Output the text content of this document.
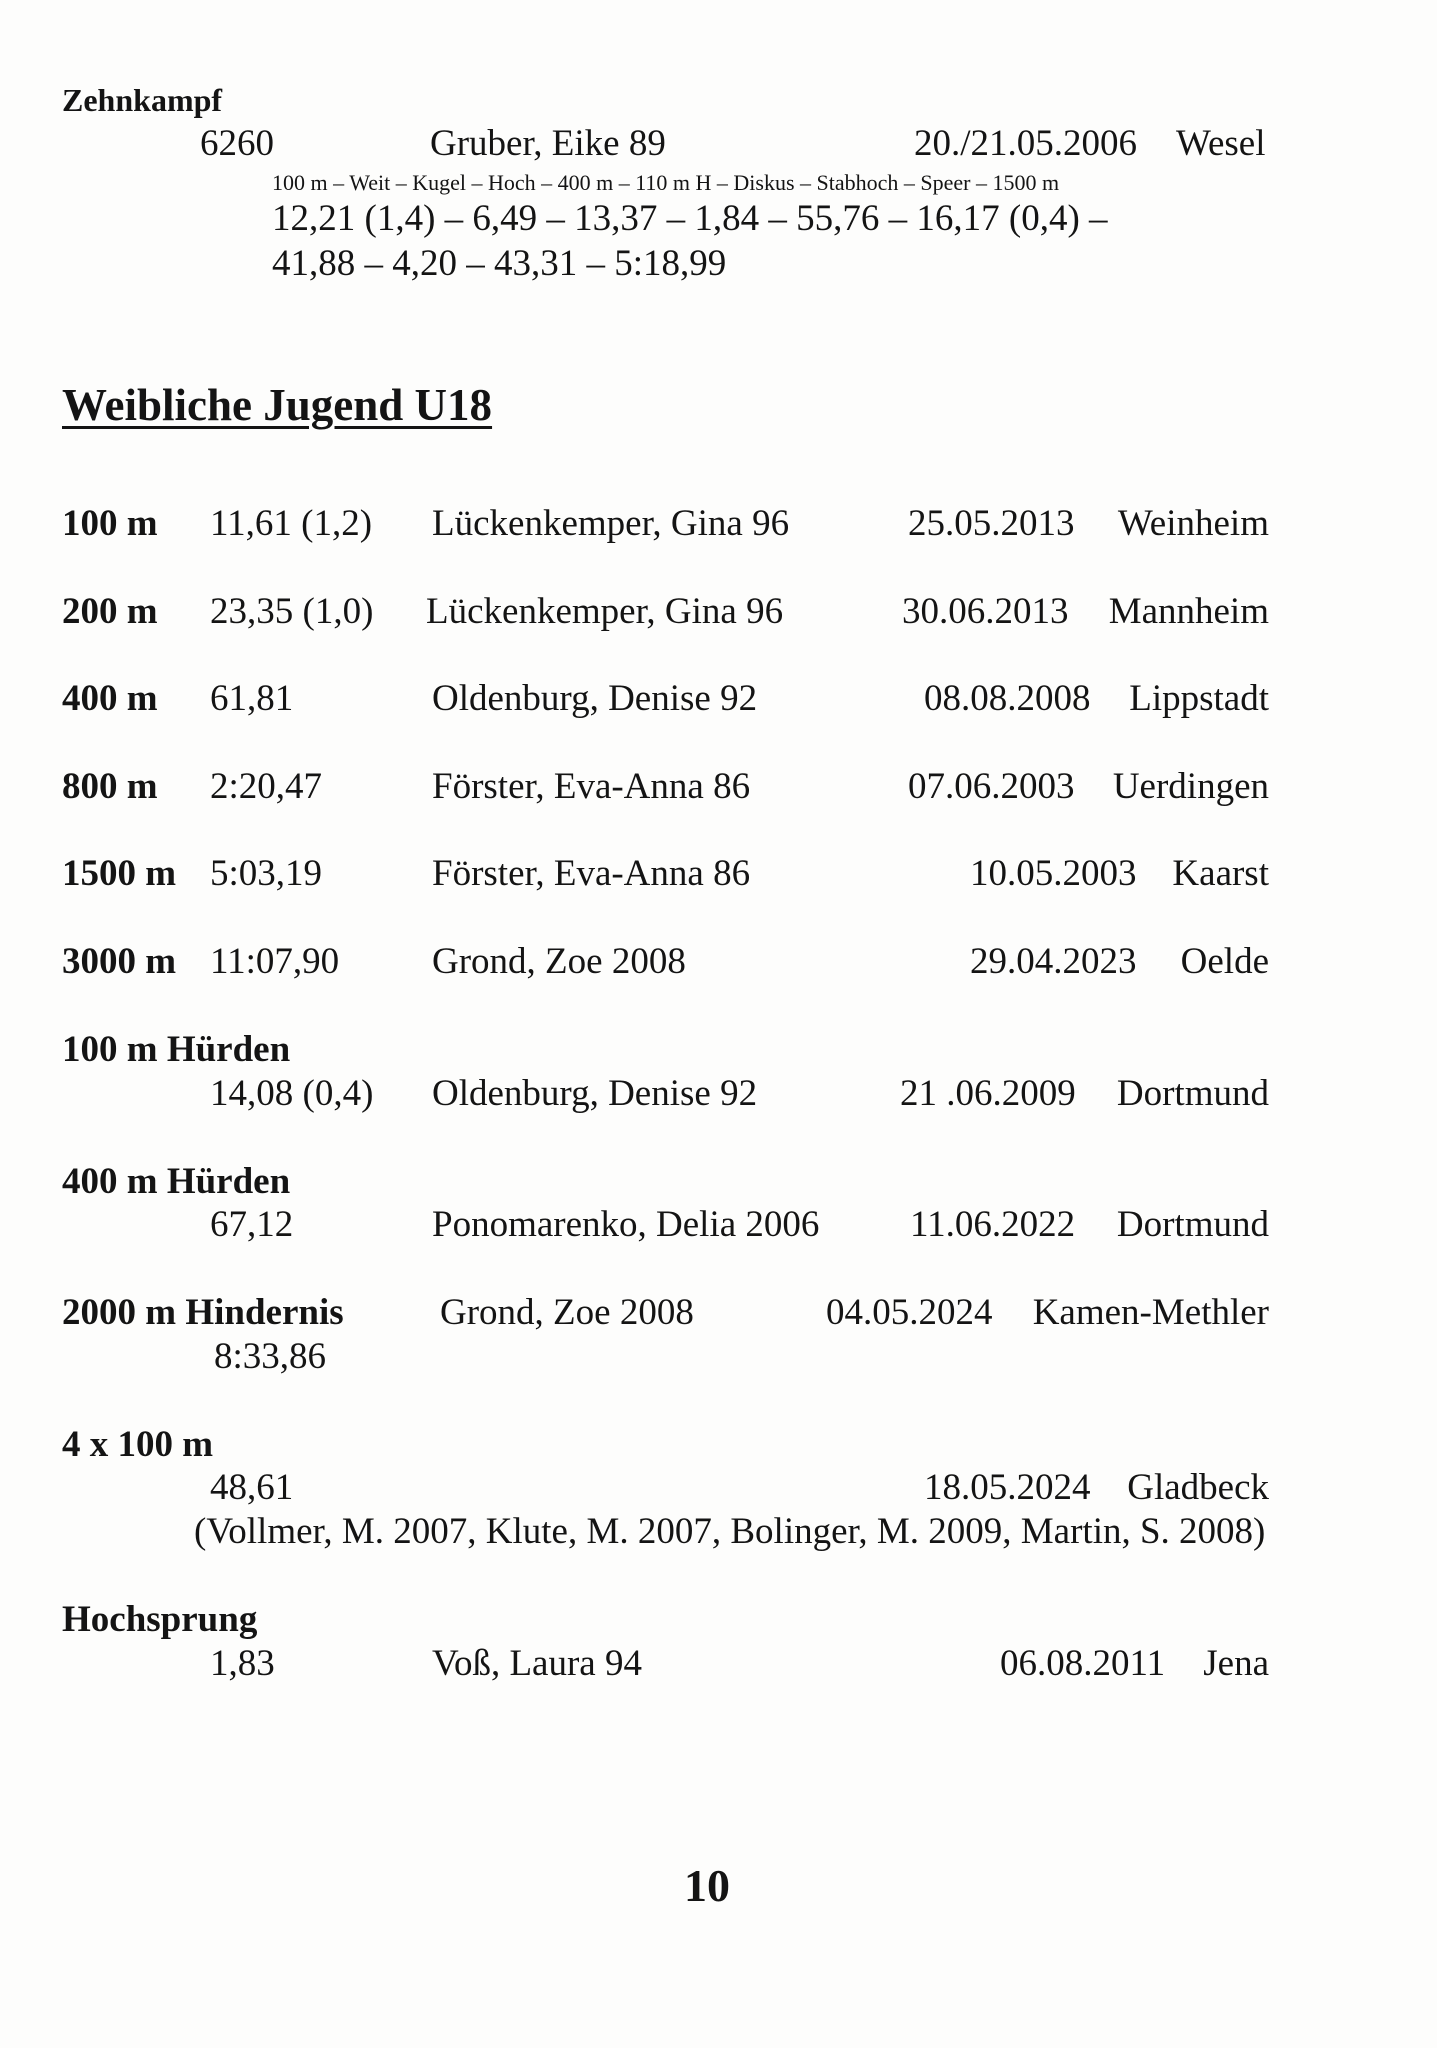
Zehnkampf
6260	Gruber, Eike 89	20./21.05.2006 Wesel
100 m – Weit – Kugel – Hoch – 400 m – 110 m H – Diskus – Stabhoch – Speer – 1500 m
12,21 (1,4) – 6,49 – 13,37 – 1,84 – 55,76 – 16,17 (0,4) –
41,88 – 4,20 – 43,31 – 5:18,99
Weibliche Jugend U18
100 m 11,61 (1,2) Lückenkemper, Gina 96	25.05.2013 Weinheim
200 m 23,35 (1,0) Lückenkemper, Gina 96	30.06.2013 Mannheim
400 m 61,81	Oldenburg, Denise 92	08.08.2008 Lippstadt
800 m 2:20,47	Förster, Eva-Anna 86	07.06.2003 Uerdingen
1500 m 5:03,19	Förster, Eva-Anna 86	10.05.2003 Kaarst
3000 m 11:07,90	Grond, Zoe 2008	29.04.2023 Oelde
100 m Hürden
14,08 (0,4) Oldenburg, Denise 92	21 .06.2009 Dortmund
400 m Hürden
67,12	Ponomarenko, Delia 2006 11.06.2022 Dortmund
2000 m Hindernis	Grond, Zoe 2008	04.05.2024 Kamen-Methler
8:33,86
4 x 100 m
48,61	18.05.2024 Gladbeck
(Vollmer, M. 2007, Klute, M. 2007, Bolinger, M. 2009, Martin, S. 2008)
Hochsprung
1,83	Voß, Laura 94	06.08.2011 Jena
10
